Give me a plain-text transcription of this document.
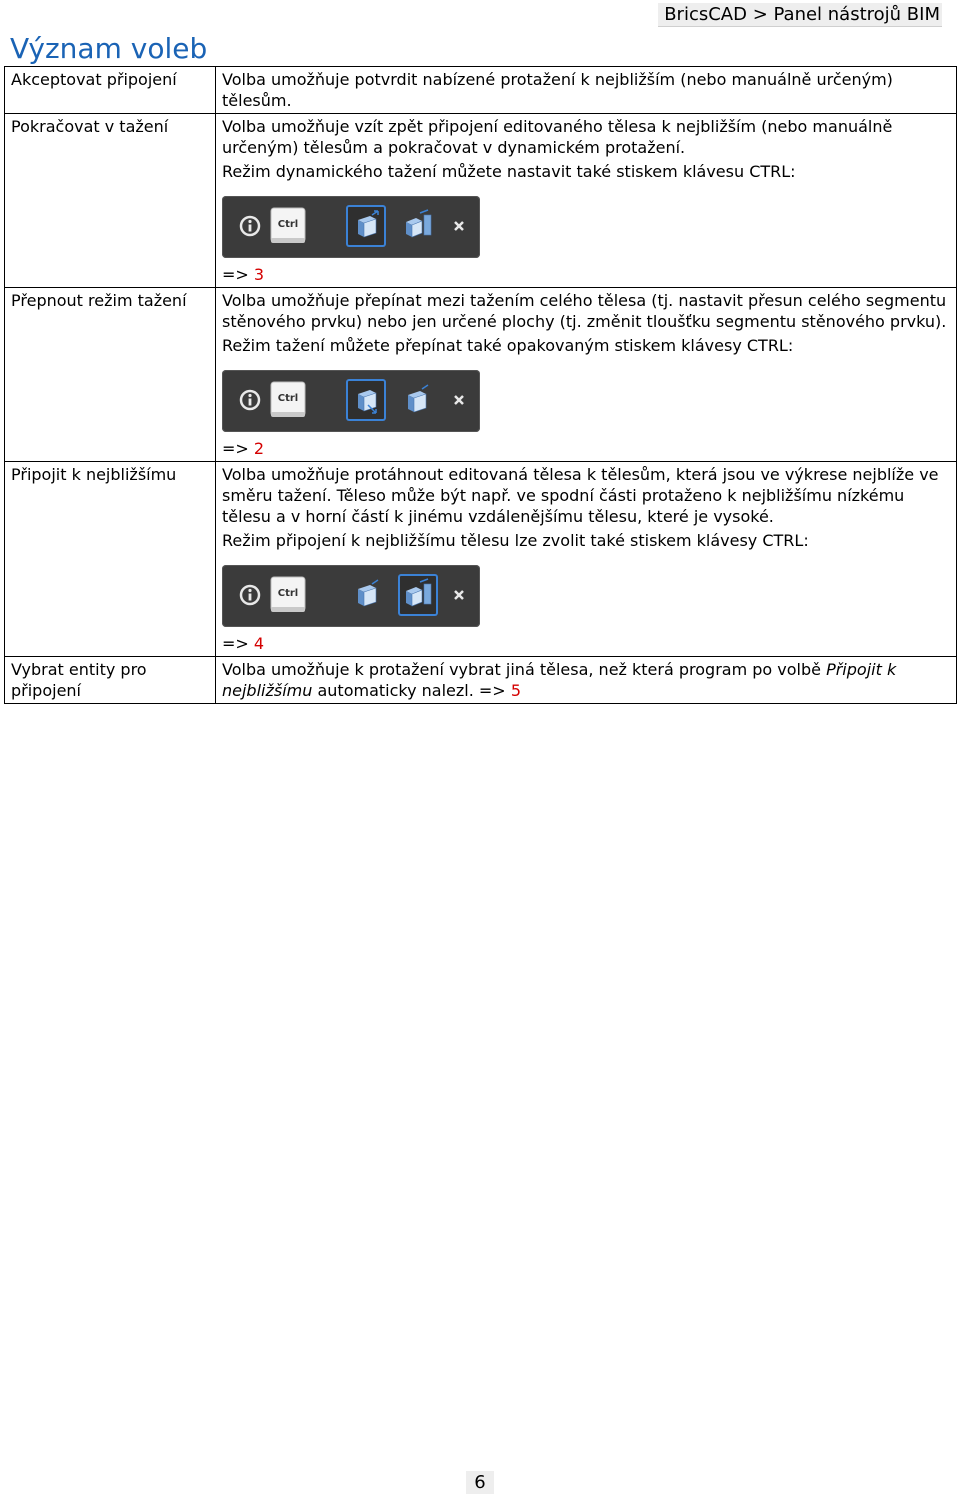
BricsCAD > Panel nástrojů BIM
Význam voleb
Akceptovat připojení	Volba umožňuje potvrdit nabízené protažení k nejbližším (nebo manuálně určeným) tělesům.

Pokračovat v tažení	Volba umožňuje vzít zpět připojení editovaného tělesa k nejbližším (nebo manuálně určeným) tělesům a pokračovat v dynamickém protažení.

Režim dynamického tažení můžete nastavit také stiskem klávesu CTRL:

Ctrl

=> 3

Přepnout režim tažení	Volba umožňuje přepínat mezi tažením celého tělesa (tj. nastavit přesun celého segmentu stěnového prvku) nebo jen určené plochy (tj. změnit tloušťku segmentu stěnového prvku).

Režim tažení můžete přepínat také opakovaným stiskem klávesy CTRL:

Ctrl

=> 2

Připojit k nejbližšímu	Volba umožňuje protáhnout editovaná tělesa k tělesům, která jsou ve výkrese nejblíže ve směru tažení. Těleso může být např. ve spodní části protaženo k nejbližšímu nízkému tělesu a v horní částí k jinému vzdálenějšímu tělesu, které je vysoké.

Režim připojení k nejbližšímu tělesu lze zvolit také stiskem klávesy CTRL:

Ctrl

=> 4

Vybrat entity pro připojení	Volba umožňuje k protažení vybrat jiná tělesa, než která program po volbě Připojit k nejbližšímu automaticky nalezl. => 5

6
